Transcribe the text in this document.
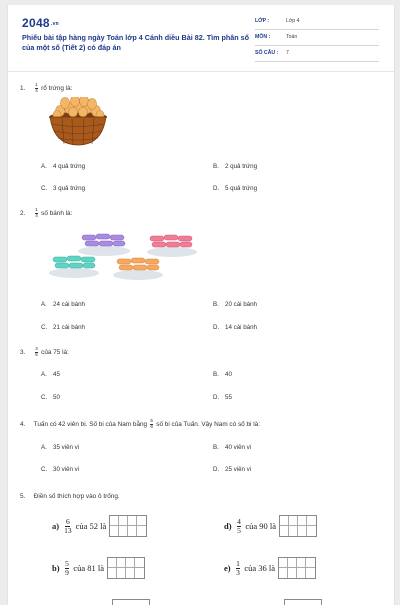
2048.vn
Phiếu bài tập hàng ngày Toán lớp 4 Cánh diều Bài 82. Tìm phân số của một số (Tiết 2) có đáp án
LỚP :	Lớp 4
MÔN :	Toán
SỐ CÂU : 7
1. $\frac{1}{4}$ rổ trứng là:
A. 4 quả trứng	B. 2 quả trứng
C. 3 quả trứng	D. 5 quả trứng
2. $\frac{1}{4}$ số bánh là:
A. 24 cái bánh	B. 20 cái bánh
C. 21 cái bánh	D. 14 cái bánh
3. $\frac{3}{5}$ của 75 là:
A. 45	B. 40
C. 50	D. 55
4. Tuấn có 42 viên bi. Số bi của Nam bằng $\frac{5}{6}$ số bi của Tuấn. Vậy Nam có số bi là:
A. 35 viên vi	B. 40 viên vi
C. 30 viên vi	D. 25 viên vi
5. Điền số thích hợp vào ô trống.
$a) \frac{6}{13}$ của 52 là	$d) \frac{4}{5}$ của 90 là
$b) \frac{5}{9}$ của 81 là	$e) \frac{1}{3}$ của 36 là
